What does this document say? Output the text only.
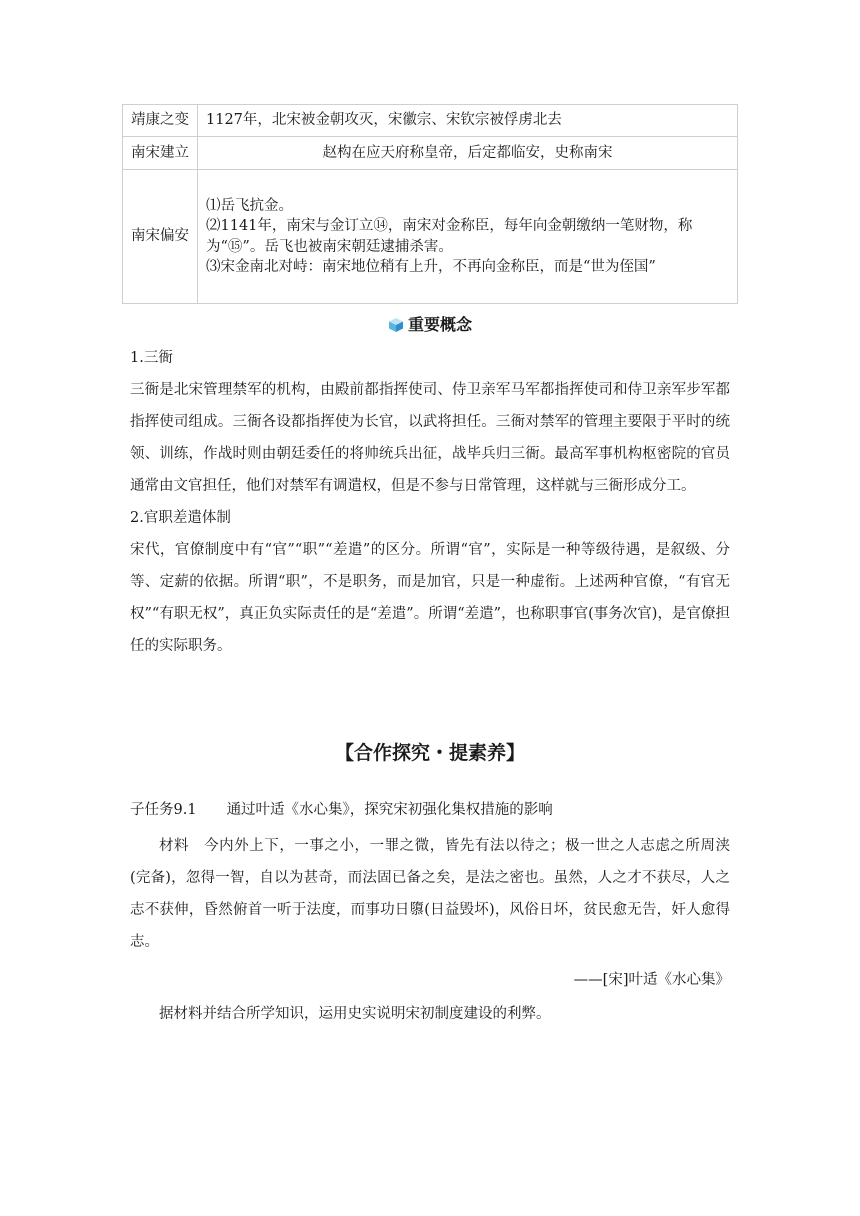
靖康之变	1127年，北宋被金朝攻灭，宋徽宗、宋钦宗被俘虏北去
南宋建立	赵构在应天府称皇帝，后定都临安，史称南宋
南宋偏安	⑴岳飞抗金。
⑵1141年，南宋与金订立⑭，南宋对金称臣，每年向金朝缴纳一笔财物，称为“⑮”。岳飞也被南宋朝廷逮捕杀害。
⑶宋金南北对峙：南宋地位稍有上升，不再向金称臣，而是“世为侄国”
重要概念

1.三衙

三衙是北宋管理禁军的机构，由殿前都指挥使司、侍卫亲军马军都指挥使司和侍卫亲军步军都指挥使司组成。三衙各设都指挥使为长官，以武将担任。三衙对禁军的管理主要限于平时的统领、训练，作战时则由朝廷委任的将帅统兵出征，战毕兵归三衙。最高军事机构枢密院的官员通常由文官担任，他们对禁军有调遣权，但是不参与日常管理，这样就与三衙形成分工。

2.官职差遣体制

宋代，官僚制度中有“官”“职”“差遣”的区分。所谓“官”，实际是一种等级待遇，是叙级、分等、定薪的依据。所谓“职”，不是职务，而是加官，只是一种虚衔。上述两种官僚，“有官无权”“有职无权”，真正负实际责任的是“差遣”。所谓“差遣”，也称职事官(事务次官)，是官僚担任的实际职务。

【合作探究・提素养】
子任务9.1 通过叶适《水心集》，探究宋初强化集权措施的影响

材料　今内外上下，一事之小，一罪之微，皆先有法以待之；极一世之人志虑之所周浃(完备)，忽得一智，自以为甚奇，而法固已备之矣，是法之密也。虽然，人之才不获尽，人之志不获伸，昏然俯首一听于法度，而事功日隳(日益毁坏)，风俗日坏，贫民愈无告，奸人愈得志。

——[宋]叶适《水心集》
据材料并结合所学知识，运用史实说明宋初制度建设的利弊。
